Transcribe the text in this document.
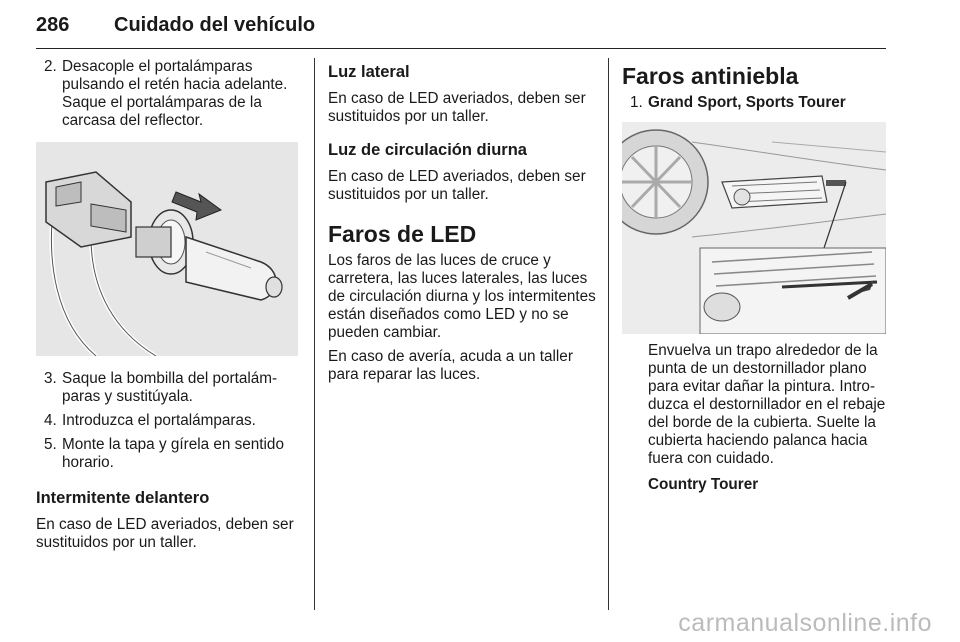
286 Cuidado del vehículo
2. Desacople el portalámparas pulsando el retén hacia adelante. Saque el portalámparas de la carcasa del reflector.
3. Saque la bombilla del portalámparas y sustitúyala.
4. Introduzca el portalámparas.
5. Monte la tapa y gírela en sentido horario.
Intermitente delantero

En caso de LED averiados, deben ser sustituidos por un taller.

Luz lateral

En caso de LED averiados, deben ser sustituidos por un taller.

Luz de circulación diurna

En caso de LED averiados, deben ser sustituidos por un taller.

Faros de LED

Los faros de las luces de cruce y carretera, las luces laterales, las luces de circulación diurna y los intermitentes están diseñados como LED y no se pueden cambiar.

En caso de avería, acuda a un taller para reparar las luces.

Faros antiniebla
1. Grand Sport, Sports Tourer

Envuelva un trapo alrededor de la punta de un destornillador plano para evitar dañar la pintura. Introduzca el destornillador en el rebaje del borde de la cubierta. Suelte la cubierta haciendo palanca hacia fuera con cuidado.

Country Tourer

carmanualsonline.info
